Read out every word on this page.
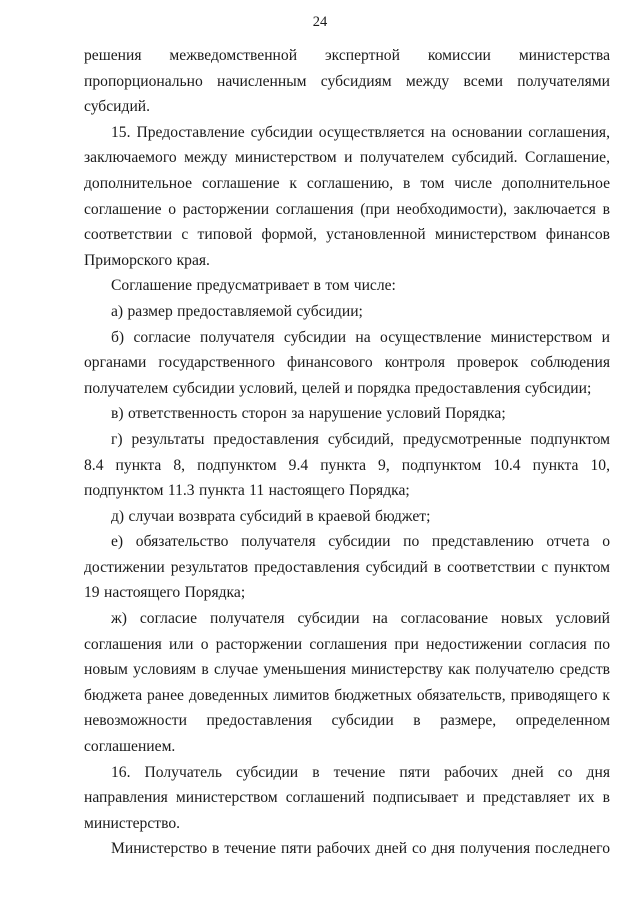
24

решения межведомственной экспертной комиссии министерства пропорционально начисленным субсидиям между всеми получателями субсидий.

15. Предоставление субсидии осуществляется на основании соглашения, заключаемого между министерством и получателем субсидий. Соглашение, дополнительное соглашение к соглашению, в том числе дополнительное соглашение о расторжении соглашения (при необходимости), заключается в соответствии с типовой формой, установленной министерством финансов Приморского края.

Соглашение предусматривает в том числе:

а) размер предоставляемой субсидии;

б) согласие получателя субсидии на осуществление министерством и органами государственного финансового контроля проверок соблюдения получателем субсидии условий, целей и порядка предоставления субсидии;

в) ответственность сторон за нарушение условий Порядка;

г) результаты предоставления субсидий, предусмотренные подпунктом 8.4 пункта 8, подпунктом 9.4 пункта 9, подпунктом 10.4 пункта 10, подпунктом 11.3 пункта 11 настоящего Порядка;

д) случаи возврата субсидий в краевой бюджет;

е) обязательство получателя субсидии по представлению отчета о достижении результатов предоставления субсидий в соответствии с пунктом 19 настоящего Порядка;

ж) согласие получателя субсидии на согласование новых условий соглашения или о расторжении соглашения при недостижении согласия по новым условиям в случае уменьшения министерству как получателю средств бюджета ранее доведенных лимитов бюджетных обязательств, приводящего к невозможности предоставления субсидии в размере, определенном соглашением.

16. Получатель субсидии в течение пяти рабочих дней со дня направления министерством соглашений подписывает и представляет их в министерство.

Министерство в течение пяти рабочих дней со дня получения последнего
